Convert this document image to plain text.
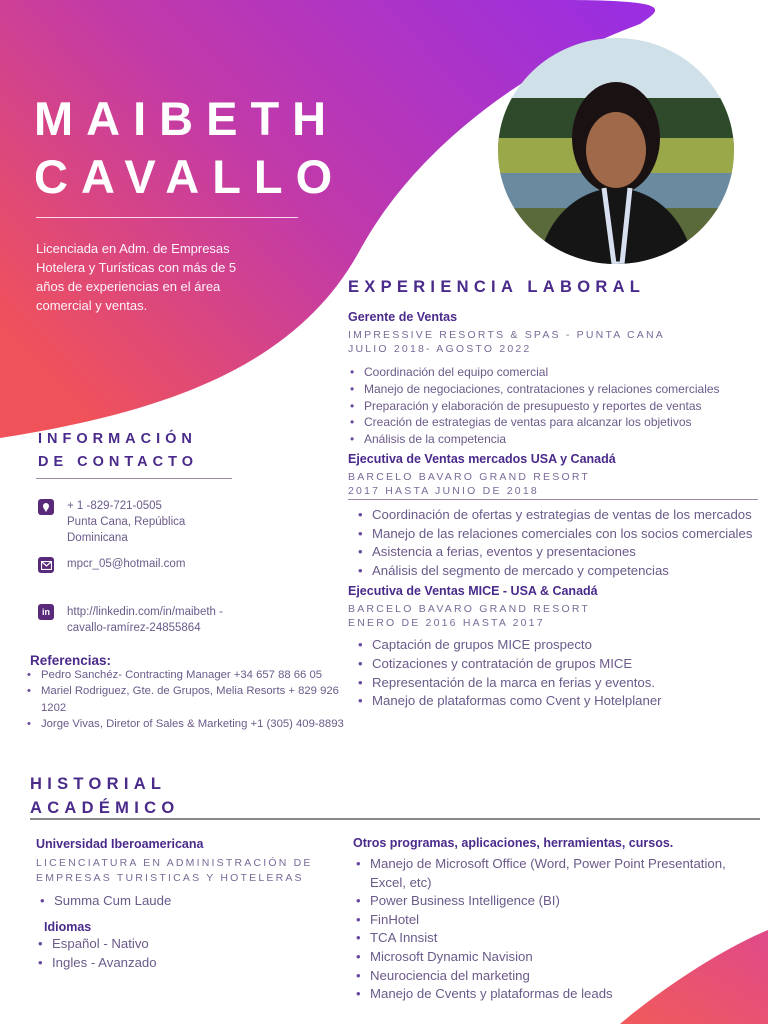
MAIBETH
CAVALLO
Licenciada en Adm. de Empresas Hotelera y Turísticas con más de 5 años de experiencias en el área comercial y ventas.
INFORMACIÓN
DE CONTACTO
+ 1 -829-721-0505
Punta Cana, República Dominicana
mpcr_05@hotmail.com
in	http://linkedin.com/in/maibeth -cavallo-ramírez-24855864
Referencias:
• Pedro Sanchéz- Contracting Manager +34 657 88 66 05
• Mariel Rodriguez, Gte. de Grupos, Melia Resorts + 829 926 1202
• Jorge Vivas, Diretor of Sales & Marketing +1 (305) 409-8893
EXPERIENCIA LABORAL
Gerente de Ventas
IMPRESSIVE RESORTS & SPAS - PUNTA CANA
JULIO 2018- AGOSTO 2022
• Coordinación del equipo comercial
• Manejo de negociaciones, contrataciones y relaciones comerciales
• Preparación y elaboración de presupuesto y reportes de ventas
• Creación de estrategias de ventas para alcanzar los objetivos
• Análisis de la competencia
Ejecutiva de Ventas mercados USA y Canadá
BARCELO BAVARO GRAND RESORT
2017 HASTA JUNIO DE 2018
• Coordinación de ofertas y estrategias de ventas de los mercados
• Manejo de las relaciones comerciales con los socios comerciales
• Asistencia a ferias, eventos y presentaciones
• Análisis del segmento de mercado y competencias
Ejecutiva de Ventas MICE - USA & Canadá
BARCELO BAVARO GRAND RESORT
ENERO DE 2016 HASTA 2017
• Captación de grupos MICE prospecto
• Cotizaciones y contratación de grupos MICE
• Representación de la marca en ferias y eventos.
• Manejo de plataformas como Cvent y Hotelplaner
HISTORIAL
ACADÉMICO
Universidad Iberoamericana
LICENCIATURA EN ADMINISTRACIÓN DE EMPRESAS TURISTICAS Y HOTELERAS
• Summa Cum Laude
Idiomas
• Español - Nativo
• Ingles - Avanzado
Otros programas, aplicaciones, herramientas, cursos.
• Manejo de Microsoft Office (Word, Power Point Presentation, Excel, etc)
• Power Business Intelligence (BI)
• FinHotel
• TCA Innsist
• Microsoft Dynamic Navision
• Neurociencia del marketing
• Manejo de Cvents y plataformas de leads
